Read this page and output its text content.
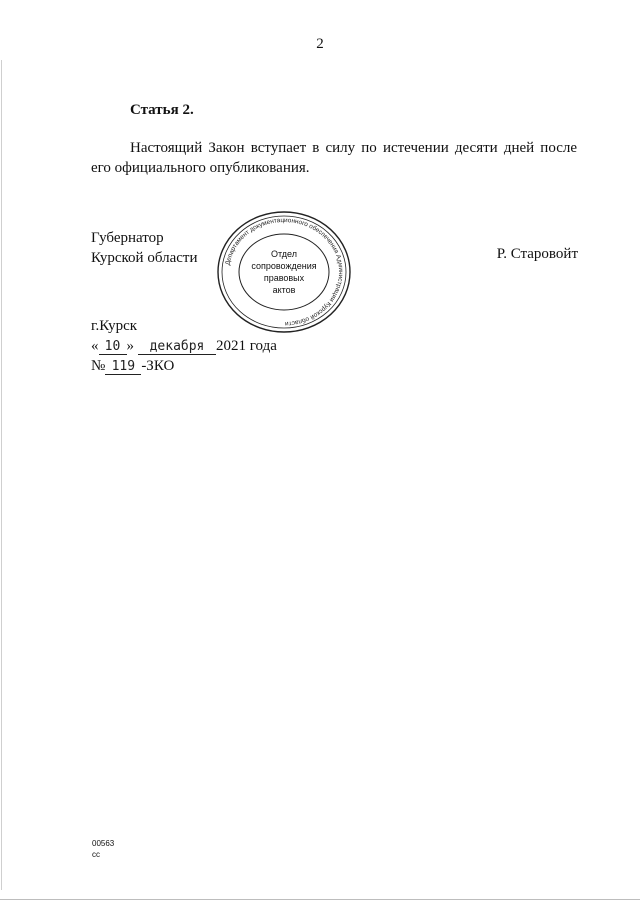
2
Статья 2.
Настоящий Закон вступает в силу по истечении десяти дней после его официального опубликования.
Губернатор
Курской области	Департамент документационного обеспечения Администрации Курской области
Отдел
сопровождения
правовых
актов
Р. Старовойт
г.Курск
« 10 » декабря 2021 года
№ 119 -ЗКО
00563
сс
